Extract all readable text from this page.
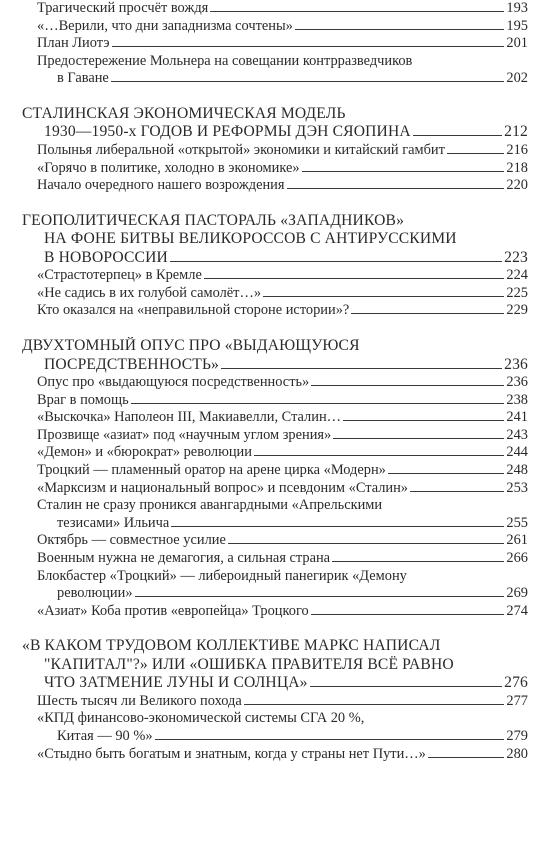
Трагический просчёт вождя	193
«…Верили, что дни западнизма сочтены»	195
План Лиотэ	201
Предостережение Мольнера на совещании контрразведчиков
в Гаване	202
СТАЛИНСКАЯ ЭКОНОМИЧЕСКАЯ МОДЕЛЬ
1930—1950-х ГОДОВ И РЕФОРМЫ ДЭН СЯОПИНА	212
Полынья либеральной «открытой» экономики и китайский гамбит	216
«Горячо в политике, холодно в экономике»	218
Начало очередного нашего возрождения	220
ГЕОПОЛИТИЧЕСКАЯ ПАСТОРАЛЬ «ЗАПАДНИКОВ»
НА ФОНЕ БИТВЫ ВЕЛИКОРОССОВ С АНТИРУССКИМИ
В НОВОРОССИИ	223
«Страстотерпец» в Кремле	224
«Не садись в их голубой самолёт…»	225
Кто оказался на «неправильной стороне истории»?	229
ДВУХТОМНЫЙ ОПУС ПРО «ВЫДАЮЩУЮСЯ
ПОСРЕДСТВЕННОСТЬ»	236
Опус про «выдающуюся посредственность»	236
Враг в помощь	238
«Выскочка» Наполеон III, Макиавелли, Сталин…	241
Прозвище «азиат» под «научным углом зрения»	243
«Демон» и «бюрократ» революции	244
Троцкий — пламенный оратор на арене цирка «Модерн»	248
«Марксизм и национальный вопрос» и псевдоним «Сталин»	253
Сталин не сразу проникся авангардными «Апрельскими
тезисами» Ильича	255
Октябрь — совместное усилие	261
Военным нужна не демагогия, а сильная страна	266
Блокбастер «Троцкий» — либероидный панегирик «Демону
революции»	269
«Азиат» Коба против «европейца» Троцкого	274
«В КАКОМ ТРУДОВОМ КОЛЛЕКТИВЕ МАРКС НАПИСАЛ
"КАПИТАЛ"?» ИЛИ «ОШИБКА ПРАВИТЕЛЯ ВСЁ РАВНО
ЧТО ЗАТМЕНИЕ ЛУНЫ И СОЛНЦА»	276
Шесть тысяч ли Великого похода	277
«КПД финансово-экономической системы СГА 20 %,
Китая — 90 %»	279
«Стыдно быть богатым и знатным, когда у страны нет Пути…»	280
